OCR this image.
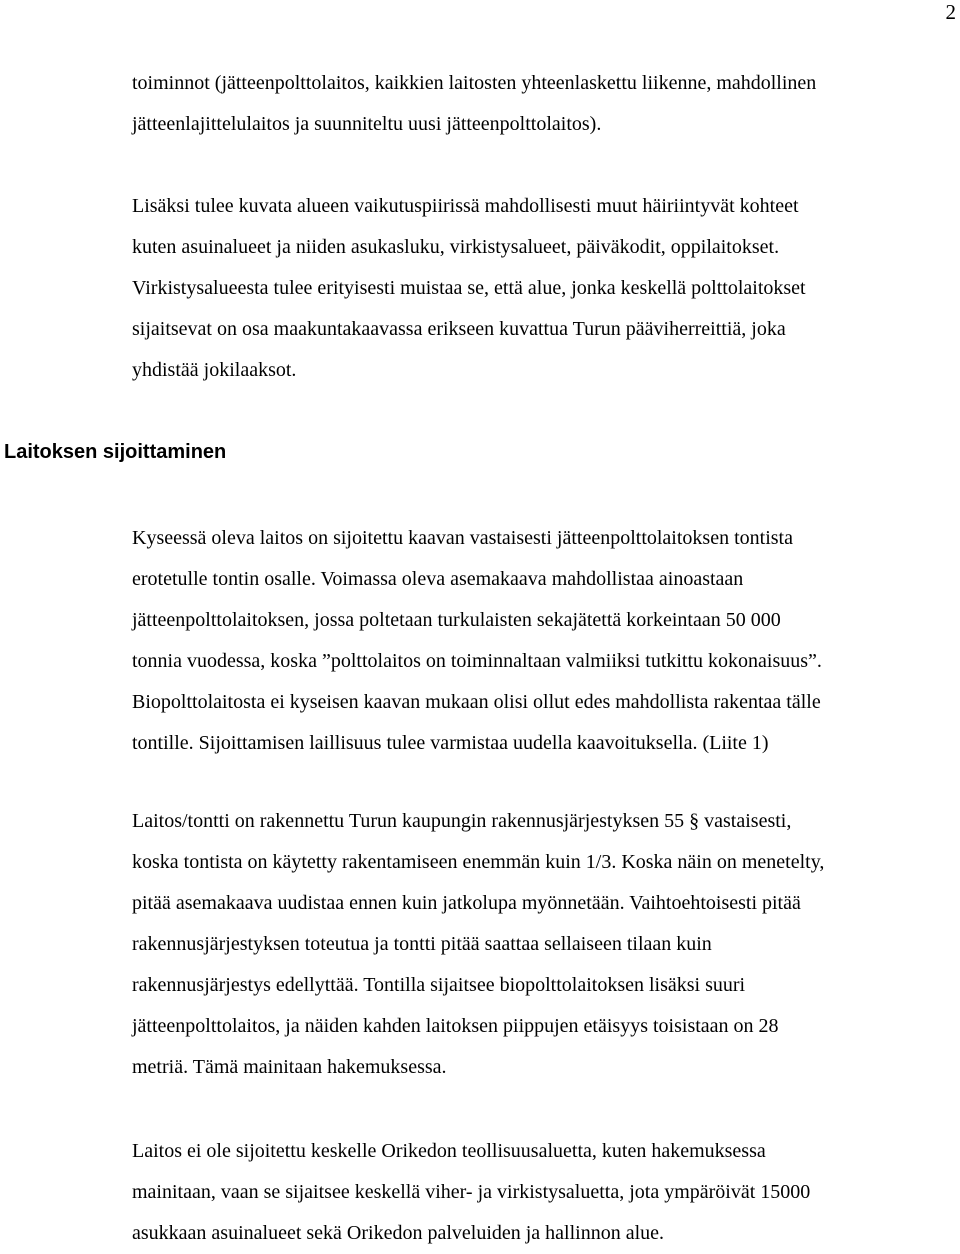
2

toiminnot (jätteenpolttolaitos, kaikkien laitosten yhteenlaskettu liikenne, mahdollinen
jätteenlajittelulaitos ja suunniteltu uusi jätteenpolttolaitos).

Lisäksi tulee kuvata alueen vaikutuspiirissä mahdollisesti muut häiriintyvät kohteet
kuten asuinalueet ja niiden asukasluku, virkistysalueet, päiväkodit, oppilaitokset.
Virkistysalueesta tulee erityisesti muistaa se, että alue, jonka keskellä polttolaitokset
sijaitsevat on osa maakuntakaavassa erikseen kuvattua Turun pääviherreittiä, joka
yhdistää jokilaaksot.

Laitoksen sijoittaminen

Kyseessä oleva laitos on sijoitettu kaavan vastaisesti jätteenpolttolaitoksen tontista
erotetulle tontin osalle. Voimassa oleva asemakaava mahdollistaa ainoastaan
jätteenpolttolaitoksen, jossa poltetaan turkulaisten sekajätettä korkeintaan 50 000
tonnia vuodessa, koska ”polttolaitos on toiminnaltaan valmiiksi tutkittu kokonaisuus”.
Biopolttolaitosta ei kyseisen kaavan mukaan olisi ollut edes mahdollista rakentaa tälle
tontille. Sijoittamisen laillisuus tulee varmistaa uudella kaavoituksella. (Liite 1)

Laitos/tontti on rakennettu Turun kaupungin rakennusjärjestyksen 55 § vastaisesti,
koska tontista on käytetty rakentamiseen enemmän kuin 1/3. Koska näin on menetelty,
pitää asemakaava uudistaa ennen kuin jatkolupa myönnetään. Vaihtoehtoisesti pitää
rakennusjärjestyksen toteutua ja tontti pitää saattaa sellaiseen tilaan kuin
rakennusjärjestys edellyttää. Tontilla sijaitsee biopolttolaitoksen lisäksi suuri
jätteenpolttolaitos, ja näiden kahden laitoksen piippujen etäisyys toisistaan on 28
metriä. Tämä mainitaan hakemuksessa.

Laitos ei ole sijoitettu keskelle Orikedon teollisuusaluetta, kuten hakemuksessa
mainitaan, vaan se sijaitsee keskellä viher- ja virkistysaluetta, jota ympäröivät 15000
asukkaan asuinalueet sekä Orikedon palveluiden ja hallinnon alue.
